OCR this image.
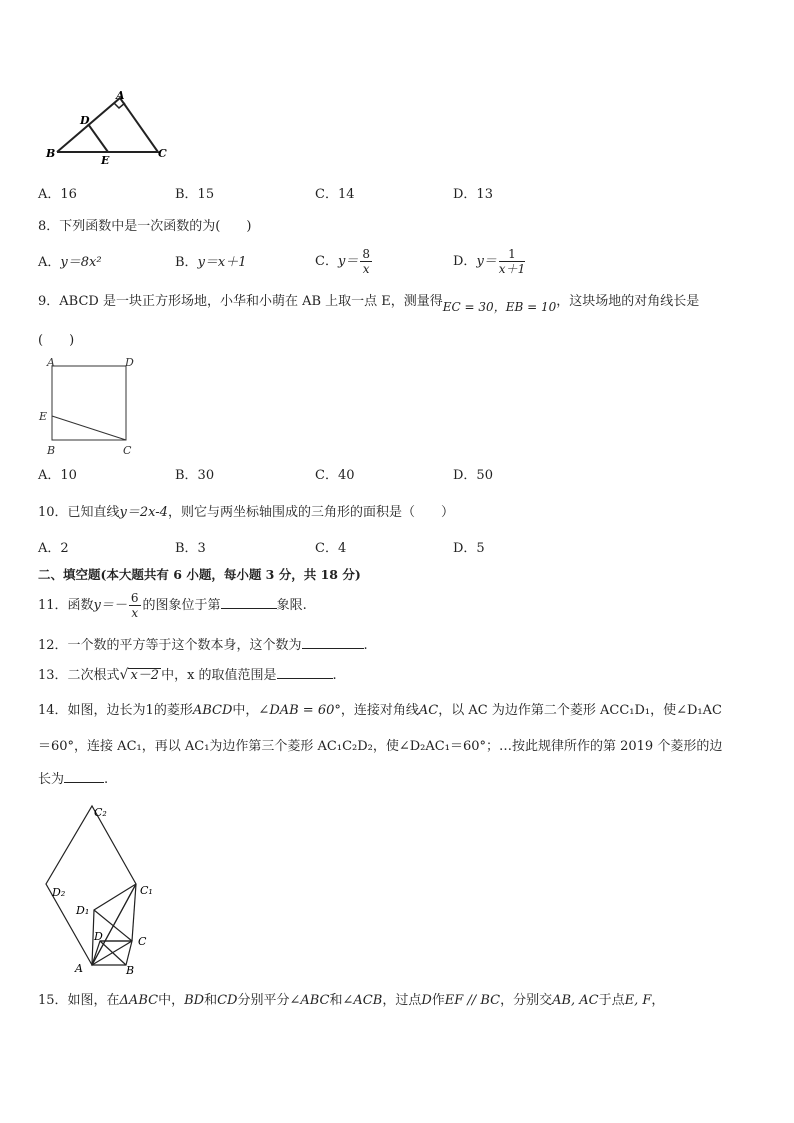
A
B	C
D
E
A．16	B．15	C．14	D．13
8．下列函数中是一次函数的为(　　)
A．y＝8x²	B．y＝x＋1	C．$y= \frac{8}{x}$	D．$y= \frac{1}{x+1}$
9．ABCD 是一块正方形场地，小华和小萌在 AB 上取一点 E，测量得EC = 30，EB = 10，这块场地的对角线长是
(　　)
A	D
E
B	C
A．10	B．30	C．40	D．50
10．已知直线y＝2x-4，则它与两坐标轴围成的三角形的面积是（　　）
A．2	B．3	C．4	D．5
二、填空题(本大题共有 6 小题，每小题 3 分，共 18 分)
11．函数$y=- \frac{6}{x}$ 的图象位于第	象限.
12．一个数的平方等于这个数本身，这个数为	.
13．二次根式√ x－2 中，x 的取值范围是	.
14．如图，边长为1的菱形ABCD中，∠DAB = 60°，连接对角线AC，以 AC 为边作第二个菱形 ACC₁D₁，使∠D₁AC
＝60°，连接 AC₁，再以 AC₁为边作第三个菱形 AC₁C₂D₂，使∠D₂AC₁＝60°；…按此规律所作的第 2019 个菱形的边
长为	.
C₂
D₂	C₁
D₁
D	C
A	B
15．如图，在ΔABC中，BD和CD分别平分∠ABC和∠ACB，过点D作EF // BC，分别交AB, AC于点E, F，
